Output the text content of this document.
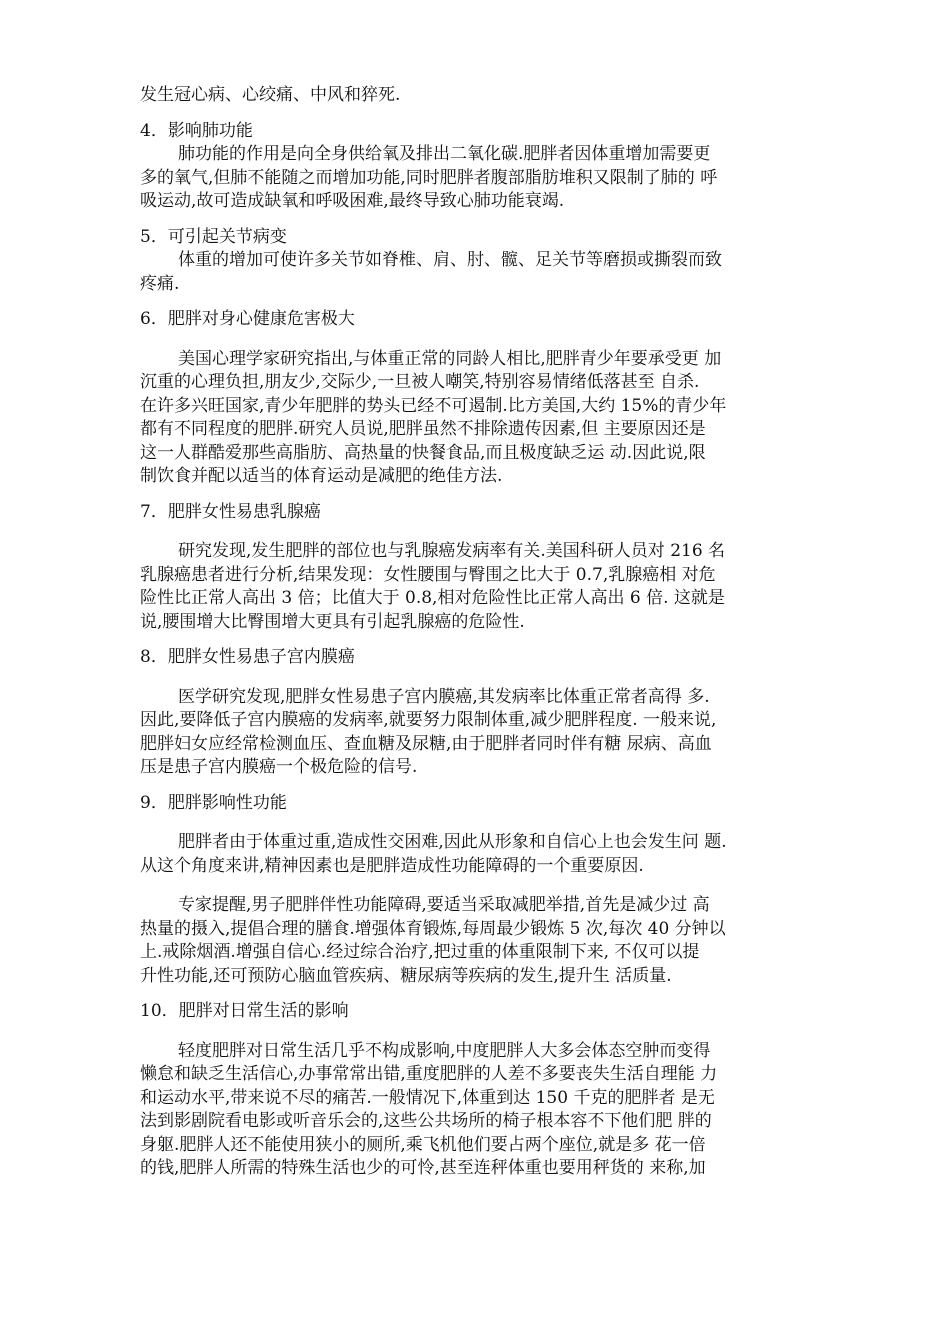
发生冠心病、心绞痛、中风和猝死.
4．影响肺功能
肺功能的作用是向全身供给氧及排出二氧化碳.肥胖者因体重增加需要更
多的氧气,但肺不能随之而增加功能,同时肥胖者腹部脂肪堆积又限制了肺的 呼
吸运动,故可造成缺氧和呼吸困难,最终导致心肺功能衰竭.
5．可引起关节病变
体重的增加可使许多关节如脊椎、肩、肘、髋、足关节等磨损或撕裂而致
疼痛.
6．肥胖对身心健康危害极大
美国心理学家研究指出,与体重正常的同龄人相比,肥胖青少年要承受更 加
沉重的心理负担,朋友少,交际少,一旦被人嘲笑,特别容易情绪低落甚至 自杀.
在许多兴旺国家,青少年肥胖的势头已经不可遏制.比方美国,大约 15%的青少年
都有不同程度的肥胖.研究人员说,肥胖虽然不排除遗传因素,但 主要原因还是
这一人群酷爱那些高脂肪、高热量的快餐食品,而且极度缺乏运 动.因此说,限
制饮食并配以适当的体育运动是减肥的绝佳方法.
7．肥胖女性易患乳腺癌
研究发现,发生肥胖的部位也与乳腺癌发病率有关.美国科研人员对 216 名
乳腺癌患者进行分析,结果发现：女性腰围与臀围之比大于 0.7,乳腺癌相 对危
险性比正常人高出 3 倍；比值大于 0.8,相对危险性比正常人高出 6 倍. 这就是
说,腰围增大比臀围增大更具有引起乳腺癌的危险性.
8．肥胖女性易患子宫内膜癌
医学研究发现,肥胖女性易患子宫内膜癌,其发病率比体重正常者高得 多.
因此,要降低子宫内膜癌的发病率,就要努力限制体重,减少肥胖程度. 一般来说,
肥胖妇女应经常检测血压、查血糖及尿糖,由于肥胖者同时伴有糖 尿病、高血
压是患子宫内膜癌一个极危险的信号.
9．肥胖影响性功能
肥胖者由于体重过重,造成性交困难,因此从形象和自信心上也会发生问 题.
从这个角度来讲,精神因素也是肥胖造成性功能障碍的一个重要原因.
专家提醒,男子肥胖伴性功能障碍,要适当采取减肥举措,首先是减少过 高
热量的摄入,提倡合理的膳食.增强体育锻炼,每周最少锻炼 5 次,每次 40 分钟以
上.戒除烟酒.增强自信心.经过综合治疗,把过重的体重限制下来, 不仅可以提
升性功能,还可预防心脑血管疾病、糖尿病等疾病的发生,提升生 活质量.
10．肥胖对日常生活的影响
轻度肥胖对日常生活几乎不构成影响,中度肥胖人大多会体态空肿而变得
懒怠和缺乏生活信心,办事常常出错,重度肥胖的人差不多要丧失生活自理能 力
和运动水平,带来说不尽的痛苦.一般情况下,体重到达 150 千克的肥胖者 是无
法到影剧院看电影或听音乐会的,这些公共场所的椅子根本容不下他们肥 胖的
身躯.肥胖人还不能使用狭小的厕所,乘飞机他们要占两个座位,就是多 花一倍
的钱,肥胖人所需的特殊生活也少的可怜,甚至连秤体重也要用秤货的 来称,加
